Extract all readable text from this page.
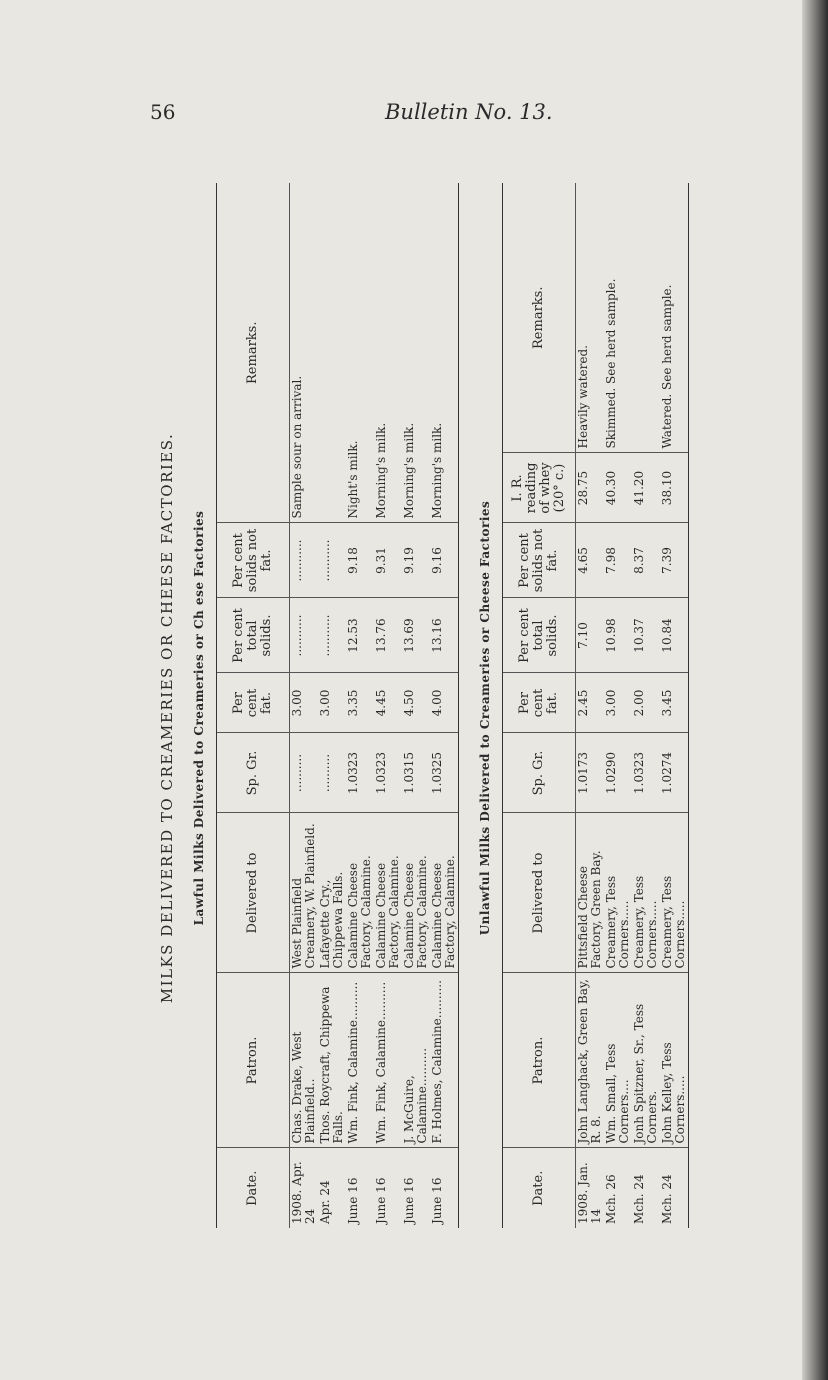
56	Bulletin No. 13.
MILKS DELIVERED TO CREAMERIES OR CHEESE FACTORIES. Lawful Milks Delivered to Creameries or Ch ese Factories
Date.	Patron.	Delivered to	Sp. Gr.	Per cent fat.	Per cent total solids.	Per cent solids not fat.	Remarks.
1908. Apr. 24	Chas. Drake, West Plainfield..	West Plainfield Creamery, W. Plainfield.	..........	3.00	...........	...........	Sample sour on arrival.
Apr. 24	Thos. Roycraft, Chippewa Falls.	Lafayette Cry., Chippewa Falls.	..........	3.00	...........	...........	
June 16	Wm. Fink, Calamine..........	Calamine Cheese Factory, Calamine.	1.0323	3.35	12.53	9.18	Night's milk.
June 16	Wm. Fink, Calamine..........	Calamine Cheese Factory, Calamine.	1.0323	4.45	13.76	9.31	Morning's milk.
June 16	J. McGuire, Calamine..........	Calamine Cheese Factory, Calamine.	1.0315	4.50	13.69	9.19	Morning's milk.
June 16	F. Holmes, Calamine..........	Calamine Cheese Factory, Calamine.	1.0325	4.00	13.16	9.16	Morning's milk.
Unlawful Milks Delivered to Creameries or Cheese Factories
Date.	Patron.	Delivered to	Sp. Gr.	Per cent fat.	Per cent total solids.	Per cent solids not fat.	I. R. reading of whey (20° c.)	Remarks.
1908. Jan. 14	John Langhack, Green Bay, R. 8.	Pittsfield Cheese Factory, Green Bay.	1.0173	2.45	7.10	4.65	28.75	Heavily watered.
Mch. 26	Wm. Small, Tess Corners....	Creamery, Tess Corners.....	1.0290	3.00	10.98	7.98	40.30	Skimmed. See herd sample.
Mch. 24	Jonh Spitzner, Sr., Tess Corners.	Creamery, Tess Corners.....	1.0323	2.00	10.37	8.37	41.20	
Mch. 24	John Kelley, Tess Corners.....	Creamery, Tess Corners.....	1.0274	3.45	10.84	7.39	38.10	Watered. See herd sample.
